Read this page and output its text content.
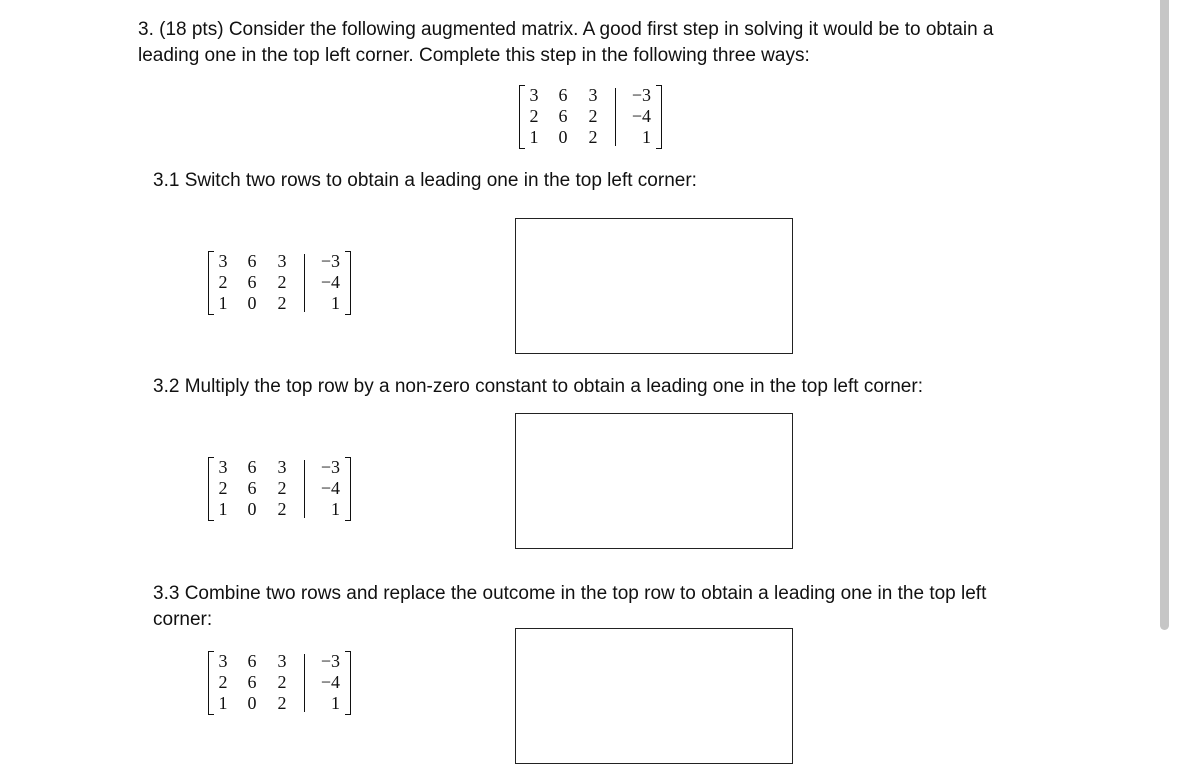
3. (18 pts) Consider the following augmented matrix. A good first step in solving it would be to obtain a leading one in the top left corner. Complete this step in the following three ways:

3 6 3	−3
2 6 2	−4
1 0 2	1

3.1 Switch two rows to obtain a leading one in the top left corner:

3 6 3	−3
2 6 2	−4
1 0 2	1

3.2 Multiply the top row by a non-zero constant to obtain a leading one in the top left corner:

3 6 3	−3
2 6 2	−4
1 0 2	1

3.3 Combine two rows and replace the outcome in the top row to obtain a leading one in the top left corner:

3 6 3	−3
2 6 2	−4
1 0 2	1
